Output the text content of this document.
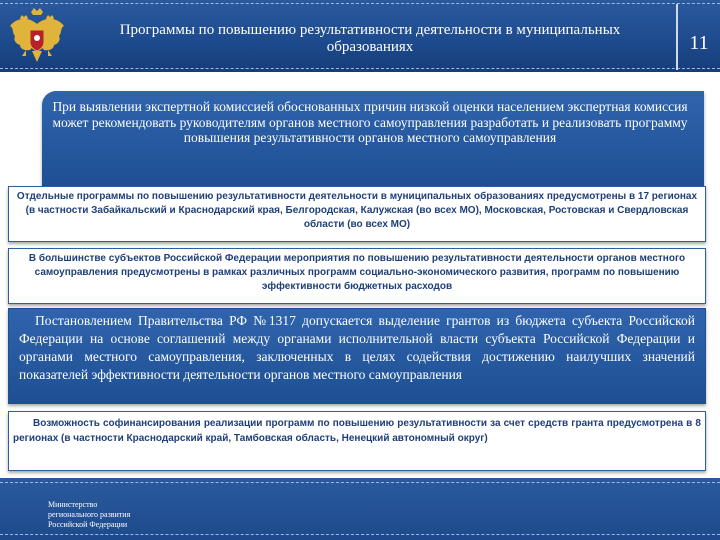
Программы по повышению результативности деятельности в муниципальных образованиях	11
При выявлении экспертной комиссией обоснованных причин низкой оценки населением экспертная комиссия может рекомендовать руководителям органов местного самоуправления разработать и реализовать программу повышения результативности органов местного самоуправления
Отдельные программы по повышению результативности деятельности в муниципальных образованиях предусмотрены в 17 регионах (в частности Забайкальский и Краснодарский края, Белгородская, Калужская (во всех МО), Московская, Ростовская и Свердловская области (во всех МО)
В большинстве субъектов Российской Федерации мероприятия по повышению результативности деятельности органов местного самоуправления предусмотрены в рамках различных программ социально-экономического развития, программ по повышению эффективности бюджетных расходов
Постановлением Правительства РФ №1317 допускается выделение грантов из бюджета субъекта Российской Федерации на основе соглашений между органами исполнительной власти субъекта Российской Федерации и органами местного самоуправления, заключенных в целях содействия достижению наилучших значений показателей эффективности деятельности органов местного самоуправления
Возможность софинансирования реализации программ по повышению результативности за счет средств гранта предусмотрена в 8 регионах (в частности Краснодарский край, Тамбовская область, Ненецкий автономный округ)
Министерство
регионального развития
Российской Федерации
